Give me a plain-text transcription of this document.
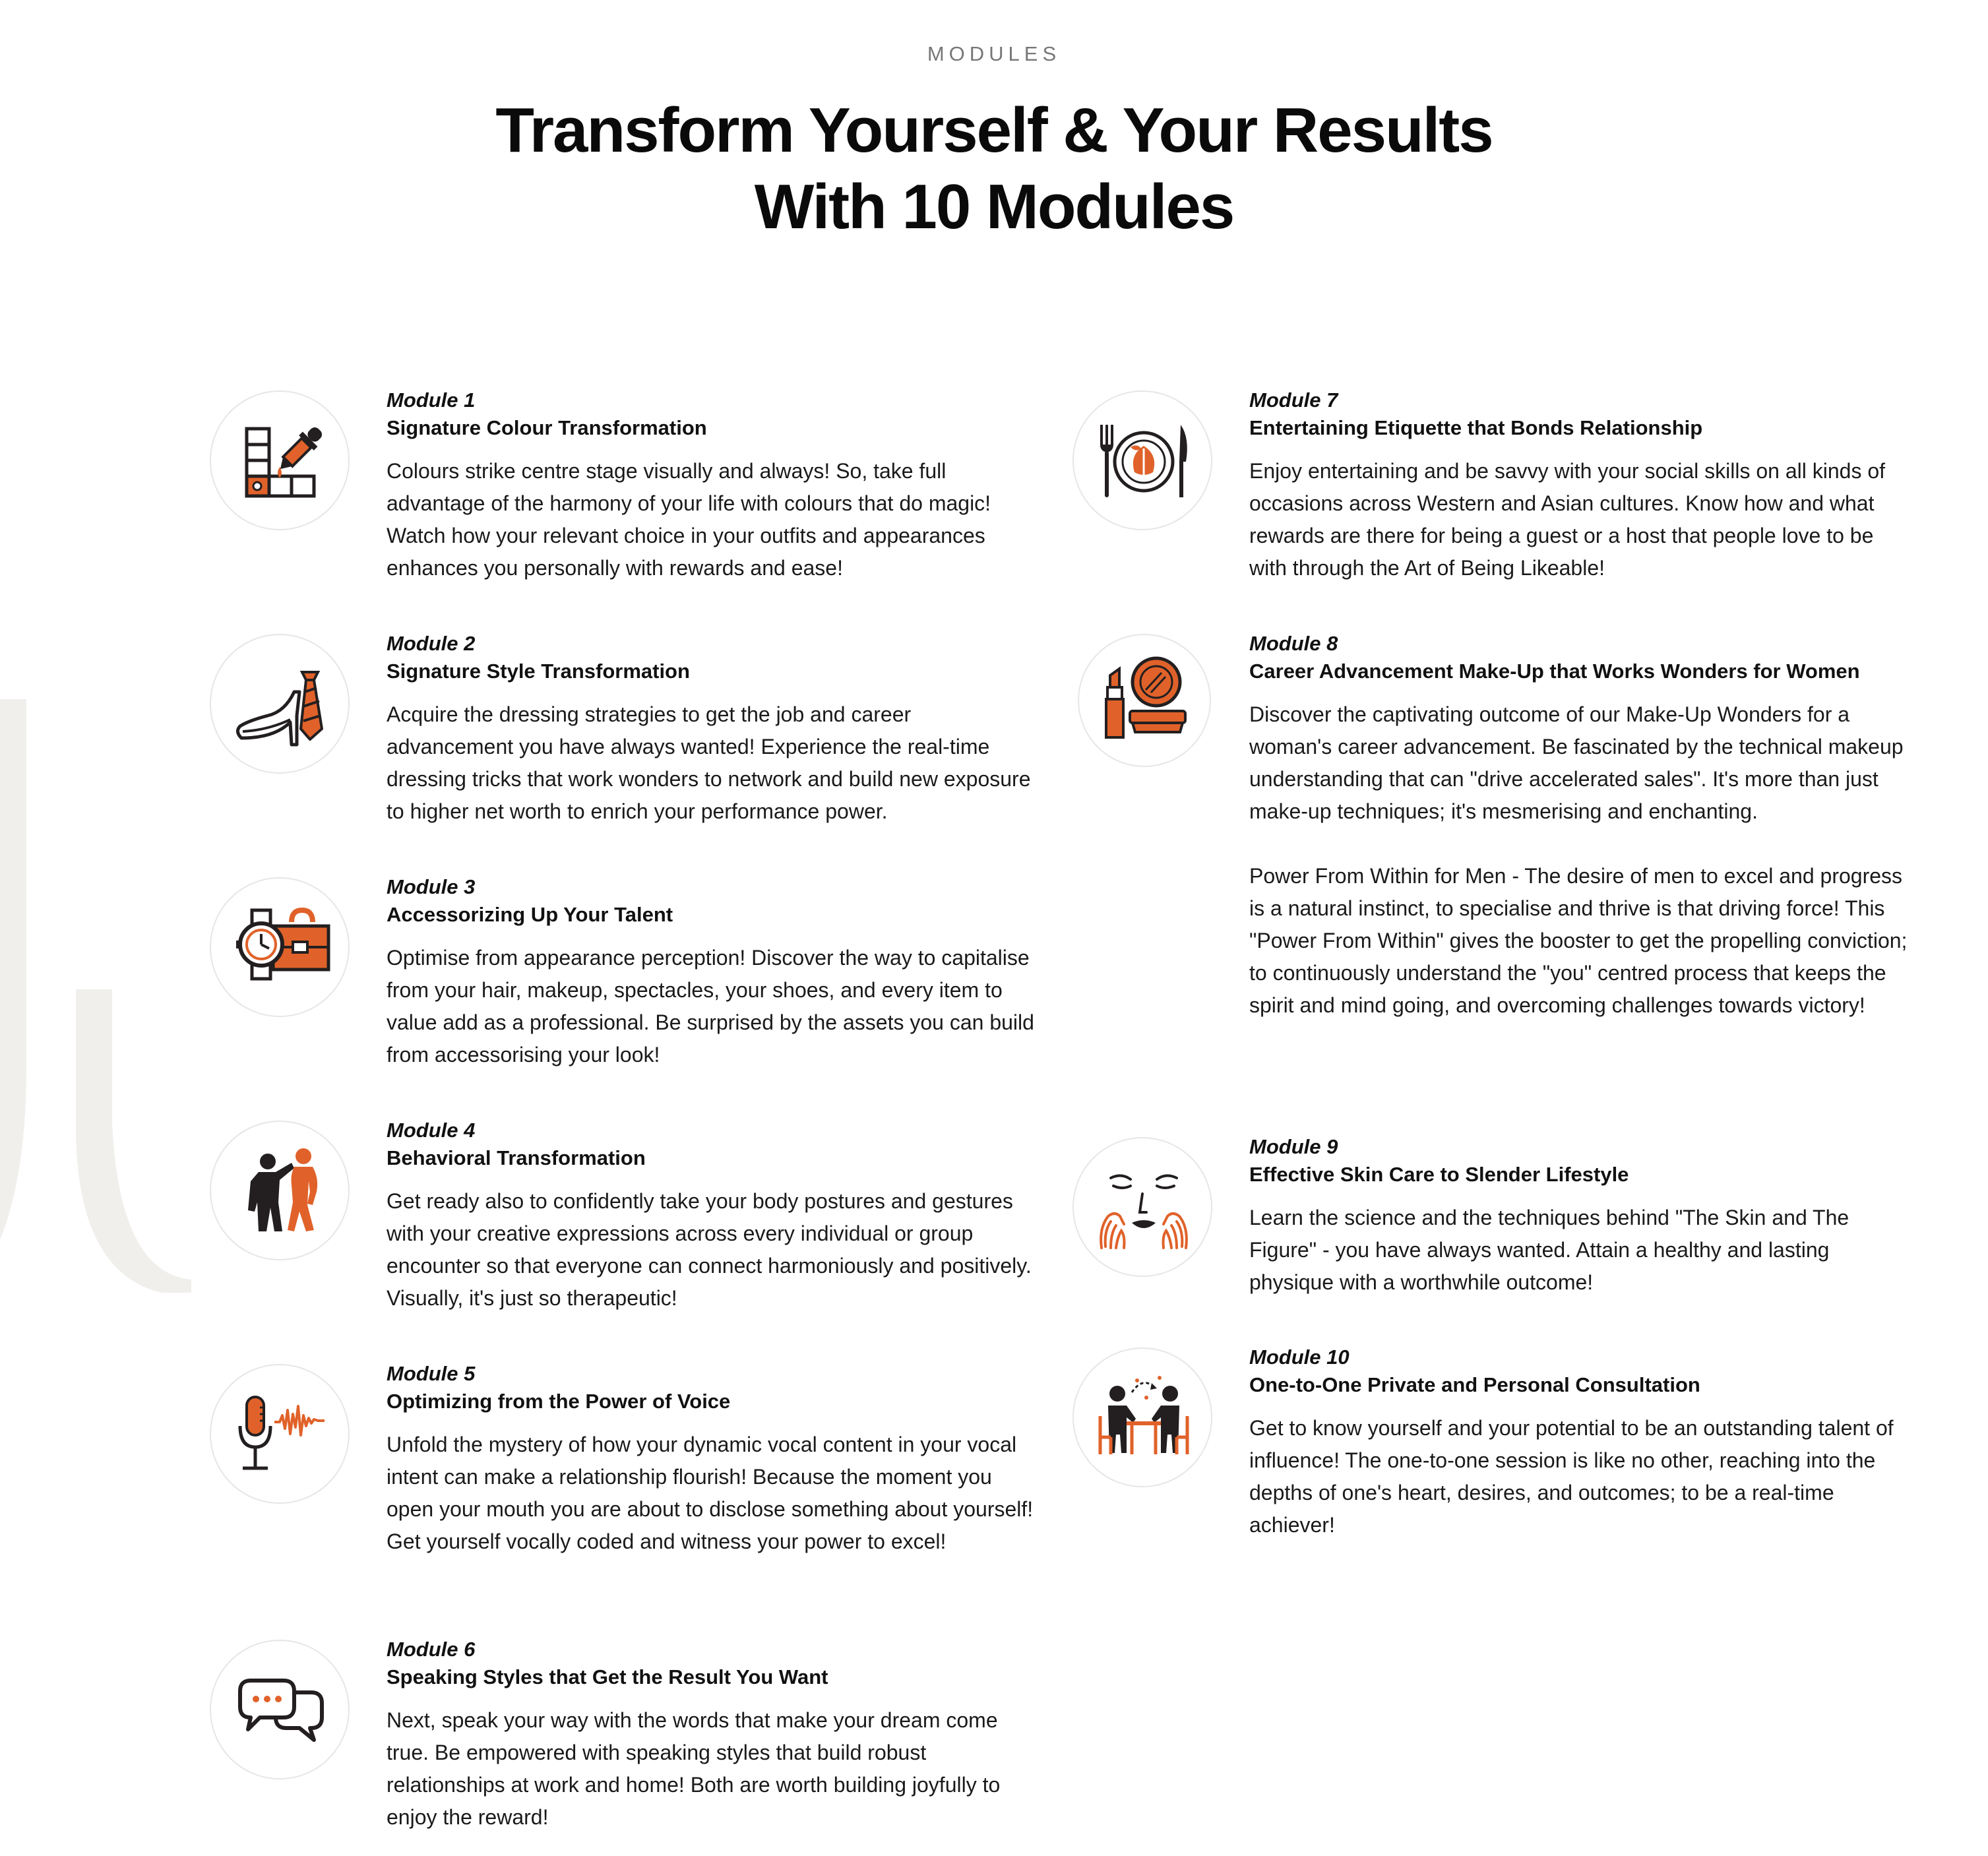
MODULES
Transform Yourself & Your Results
With 10 Modules
Module 1
Signature Colour Transformation

Colours strike centre stage visually and always! So, take full advantage of the harmony of your life with colours that do magic! Watch how your relevant choice in your outfits and appearances enhances you personally with rewards and ease!

Module 2
Signature Style Transformation

Acquire the dressing strategies to get the job and career advancement you have always wanted! Experience the real-time dressing tricks that work wonders to network and build new exposure to higher net worth to enrich your performance power.

Module 3
Accessorizing Up Your Talent

Optimise from appearance perception! Discover the way to capitalise from your hair, makeup, spectacles, your shoes, and every item to value add as a professional. Be surprised by the assets you can build from accessorising your look!

Module 4
Behavioral Transformation

Get ready also to confidently take your body postures and gestures with your creative expressions across every individual or group encounter so that everyone can connect harmoniously and positively. Visually, it's just so therapeutic!

Module 5
Optimizing from the Power of Voice

Unfold the mystery of how your dynamic vocal content in your vocal intent can make a relationship flourish! Because the moment you open your mouth you are about to disclose something about yourself! Get yourself vocally coded and witness your power to excel!

Module 6
Speaking Styles that Get the Result You Want

Next, speak your way with the words that make your dream come true. Be empowered with speaking styles that build robust relationships at work and home! Both are worth building joyfully to enjoy the reward!

Module 7
Entertaining Etiquette that Bonds Relationship

Enjoy entertaining and be savvy with your social skills on all kinds of occasions across Western and Asian cultures. Know how and what rewards are there for being a guest or a host that people love to be with through the Art of Being Likeable!

Module 8
Career Advancement Make-Up that Works Wonders for Women

Discover the captivating outcome of our Make-Up Wonders for a woman's career advancement. Be fascinated by the technical makeup understanding that can "drive accelerated sales". It's more than just make-up techniques; it's mesmerising and enchanting.

Power From Within for Men - The desire of men to excel and progress is a natural instinct, to specialise and thrive is that driving force! This "Power From Within" gives the booster to get the propelling conviction; to continuously understand the "you" centred process that keeps the spirit and mind going, and overcoming challenges towards victory!

Module 9
Effective Skin Care to Slender Lifestyle

Learn the science and the techniques behind "The Skin and The Figure" - you have always wanted. Attain a healthy and lasting physique with a worthwhile outcome!

Module 10
One-to-One Private and Personal Consultation

Get to know yourself and your potential to be an outstanding talent of influence! The one-to-one session is like no other, reaching into the depths of one's heart, desires, and outcomes; to be a real-time achiever!
